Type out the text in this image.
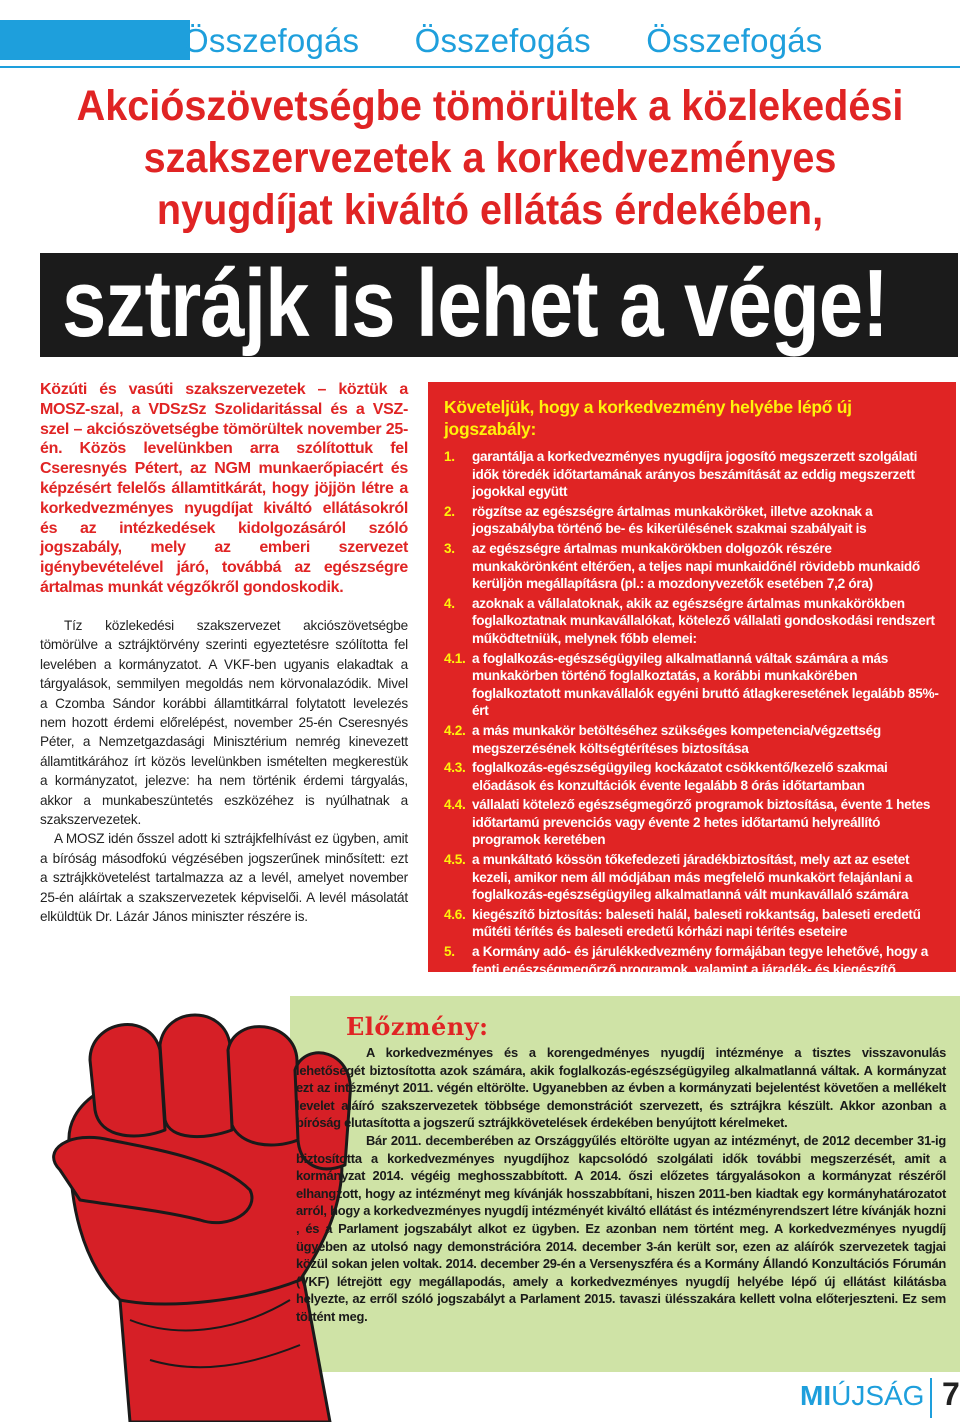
Összefogás Összefogás Összefogás
Akciószövetségbe tömörültek a közlekedési
szakszervezetek a korkedvezményes
nyugdíjat kiváltó ellátás érdekében,
sztrájk is lehet a vége!
Közúti és vasúti szakszervezetek – köztük a MOSZ-szal, a VDSzSz Szolidaritással és a VSZ-szel – akciószövetségbe tömörültek november 25-én. Közös levelünkben arra szólítottuk fel Cseresnyés Pétert, az NGM munkaerőpiacért és képzésért felelős államtitkárát, hogy jöjjön létre a korkedvezményes nyugdíjat kiváltó ellátásokról és az intézkedések kidolgozásáról szóló jogszabály, mely az emberi szervezet igénybevételével járó, továbbá az egészségre ártalmas munkát végzőkről gondoskodik.

Tíz közlekedési szakszervezet akciószövetségbe tömörülve a sztrájktörvény szerinti egyeztetésre szólította fel levelében a kormányzatot. A VKF-ben ugyanis elakadtak a tárgyalások, semmilyen megoldás nem körvonalazódik. Mivel a Czomba Sándor korábbi államtitkárral folytatott levelezés nem hozott érdemi előrelépést, november 25-én Cseresnyés Péter, a Nemzetgazdasági Minisztérium nemrég kinevezett államtitkárához írt közös levelünkben ismételten megkerestük a kormányzatot, jelezve: ha nem történik érdemi tárgyalás, akkor a munkabeszüntetés eszközéhez is nyúlhatnak a szakszervezetek.

A MOSZ idén ősszel adott ki sztrájkfelhívást ez ügyben, amit a bíróság másodfokú végzésében jogszerűnek minősített: ezt a sztrájkkövetelést tartalmazza az a levél, amelyet november 25-én aláírtak a szakszervezetek képviselői. A levél másolatát elküldtük Dr. Lázár János miniszter részére is.

Követeljük, hogy a korkedvezmény helyébe lépő új jogszabály:
1. garantálja a korkedvezményes nyugdíjra jogosító megszerzett szolgálati idők töredék időtartamának arányos beszámítását az eddig megszerzett jogokkal együtt
2. rögzítse az egészségre ártalmas munkaköröket, illetve azoknak a jogszabályba történő be- és kikerülésének szakmai szabályait is
3. az egészségre ártalmas munkakörökben dolgozók részére munkakörönként eltérően, a teljes napi munkaidőnél rövidebb munkaidő kerüljön megállapításra (pl.: a mozdonyvezetők esetében 7,2 óra)
4. azoknak a vállalatoknak, akik az egészségre ártalmas munkakörökben foglalkoztatnak munkavállalókat, kötelező vállalati gondoskodási rendszert működtetniük, melynek főbb elemei:
4.1. a foglalkozás-egészségügyileg alkalmatlanná váltak számára a más munkakörben történő foglalkoztatás, a korábbi munkakörében foglalkoztatott munkavállalók egyéni bruttó átlagkeresetének legalább 85%-ért
4.2. a más munkakör betöltéséhez szükséges kompetencia/végzettség megszerzésének költségtérítéses biztosítása
4.3. foglalkozás-egészségügyileg kockázatot csökkentő/kezelő szakmai előadások és konzultációk évente legalább 8 órás időtartamban
4.4. vállalati kötelező egészségmegőrző programok biztosítása, évente 1 hetes időtartamú prevenciós vagy évente 2 hetes időtartamú helyreállító programok keretében
4.5. a munkáltató kössön tőkefedezeti járadékbiztosítást, mely azt az esetet kezeli, amikor nem áll módjában más megfelelő munkakört felajánlani a foglalkozás-egészségügyileg alkalmatlanná vált munkavállaló számára
4.6. kiegészítő biztosítás: baleseti halál, baleseti rokkantság, baleseti eredetű műtéti térítés és baleseti eredetű kórházi napi térítés eseteire
5. a Kormány adó- és járulékkedvezmény formájában tegye lehetővé, hogy a fenti egészségmegőrző programok, valamint a járadék- és kiegészítő biztosítások esetében mind a szerződő, mind a biztosított részéről adó- és
Előzmény:

A korkedvezményes és a korengedményes nyugdíj intézménye a tisztes visszavonulás lehetőségét biztosította azok számára, akik foglalkozás-egészségügyileg alkalmatlanná váltak. A kormányzat ezt az intézményt 2011. végén eltörölte. Ugyanebben az évben a kormányzati bejelentést követően a mellékelt levelet aláíró szakszervezetek többsége demonstrációt szervezett, és sztrájkra készült. Akkor azonban a bíróság elutasította a jogszerű sztrájkkövetelések érdekében benyújtott kérelmeket.

Bár 2011. decemberében az Országgyűlés eltörölte ugyan az intézményt, de 2012 december 31-ig biztosította a korkedvezményes nyugdíjhoz kapcsolódó szolgálati idők további megszerzését, amit a kormányzat 2014. végéig meghosszabbított. A 2014. őszi előzetes tárgyalásokon a kormányzat részéről elhangzott, hogy az intézményt meg kívánják hosszabbítani, hiszen 2011-ben kiadtak egy kormányhatározatot arról, hogy a korkedvezményes nyugdíj intézményét kiváltó ellátást és intézményrendszert létre kívánják hozni , és a Parlament jogszabályt alkot ez ügyben. Ez azonban nem történt meg. A korkedvezményes nyugdíj ügyében az utolsó nagy demonstrációra 2014. december 3-án került sor, ezen az aláírók szervezetek tagjai közül sokan jelen voltak. 2014. december 29-én a Versenyszféra és a Kormány Állandó Konzultációs Fórumán (VKF) létrejött egy megállapodás, amely a korkedvezményes nyugdíj helyébe lépő új ellátást kilátásba helyezte, az erről szóló jogszabályt a Parlament 2015. tavaszi ülésszakára kellett volna előterjeszteni. Ez sem történt meg.

MIÚJSÁG 7
